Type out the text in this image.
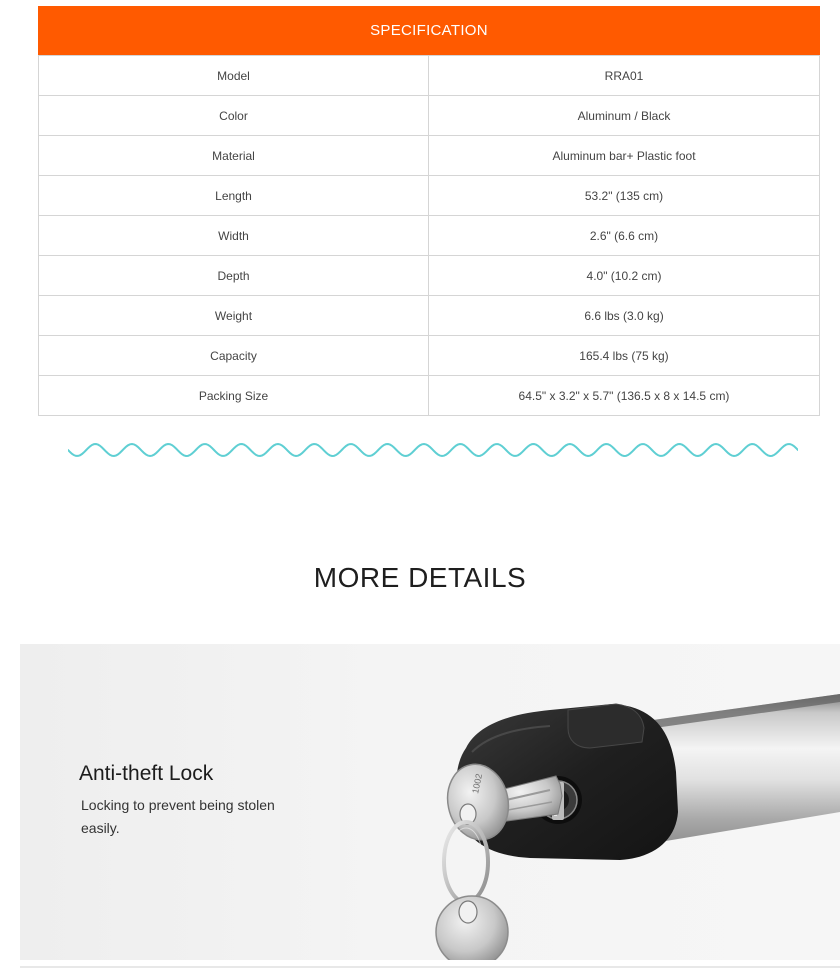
SPECIFICATION
Model	RRA01
Color	Aluminum / Black
Material	Aluminum bar+ Plastic foot
Length	53.2" (135 cm)
Width	2.6" (6.6 cm)
Depth	4.0" (10.2 cm)
Weight	6.6 lbs (3.0 kg)
Capacity	165.4 lbs (75 kg)
Packing Size	64.5" x 3.2" x 5.7" (136.5 x 8 x 14.5 cm)
MORE DETAILS
Anti-theft Lock
Locking to prevent being stolen easily.
1002
